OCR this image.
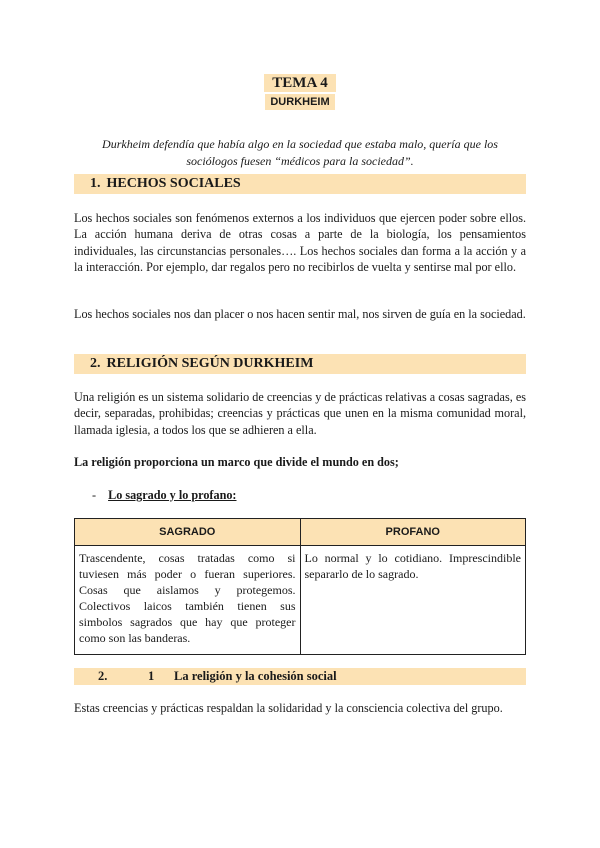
TEMA 4
DURKHEIM

Durkheim defendía que había algo en la sociedad que estaba malo, quería que los sociólogos fuesen “médicos para la sociedad”.

1. HECHOS SOCIALES

Los hechos sociales son fenómenos externos a los individuos que ejercen poder sobre ellos. La acción humana deriva de otras cosas a parte de la biología, los pensamientos individuales, las circunstancias personales…. Los hechos sociales dan forma a la acción y a la interacción. Por ejemplo, dar regalos pero no recibirlos de vuelta y sentirse mal por ello.

Los hechos sociales nos dan placer o nos hacen sentir mal, nos sirven de guía en la sociedad.

2. RELIGIÓN SEGÚN DURKHEIM

Una religión es un sistema solidario de creencias y de prácticas relativas a cosas sagradas, es decir, separadas, prohibidas; creencias y prácticas que unen en la misma comunidad moral, llamada iglesia, a todos los que se adhieren a ella.

La religión proporciona un marco que divide el mundo en dos;
- Lo sagrado y lo profano:
SAGRADO	PROFANO
Trascendente, cosas tratadas como si tuviesen más poder o fueran superiores. Cosas que aislamos y protegemos. Colectivos laicos también tienen sus simbolos sagrados que hay que proteger como son las banderas.	Lo normal y lo cotidiano. Imprescindible separarlo de lo sagrado.
2.	1 La religión y la cohesión social

Estas creencias y prácticas respaldan la solidaridad y la consciencia colectiva del grupo.
